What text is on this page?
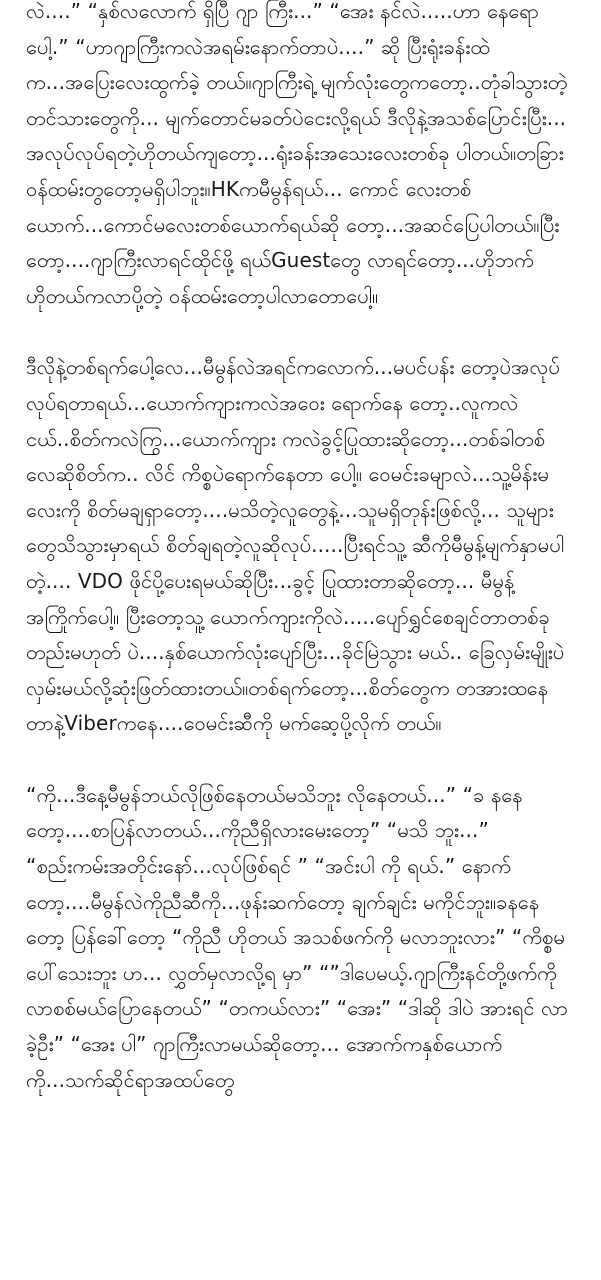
လဲ....” “နှစ်လလောက် ရှိပြီ ဂျာ ကြီး...” “အေး နင်လဲ.....ဟာ နေရောပေါ့.” “ဟာဂျာကြီးကလဲအရမ်းနောက်တာပဲ....” ဆို ပြီးရုံးခန်းထဲက...အပြေးလေးထွက်ခဲ့ တယ်။ဂျာကြီးရဲ့ မျက်လုံးတွေကတော့..တုံခါသွားတဲ့တင်သားတွေကို... မျက်တောင်မခတ်ပဲငေးလို့ရယ် ဒီလိုနဲ့အသစ်ပြောင်းပြီး... အလုပ်လုပ်ရတဲ့ဟိုတယ်ကျတော့...ရုံးခန်းအသေးလေးတစ်ခု ပါတယ်။တခြားဝန်ထမ်းတွတော့မရှိပါဘူး။HKကမီမွန်ရယ်... ကောင် လေးတစ်ယောက်...ကောင်မလေးတစ်ယောက်ရယ်ဆို တော့...အဆင်ပြေပါတယ်။ပြီးတော့....ဂျာကြီးလာရင်ထိုင်ဖို့ ရယ်Guestတွေ လာရင်တော့...ဟိုဘက်ဟိုတယ်ကလာပို့တဲ့ ဝန်ထမ်းတော့ပါလာတောပေါ့။

ဒီလိုနဲ့တစ်ရက်ပေါ့လေ...မီမွန်လဲအရင်ကလောက်...မပင်ပန်း တော့ပဲအလုပ်လုပ်ရတာရယ်...ယောက်ကျားကလဲအဝေး ရောက်နေ တော့..လူကလဲငယ်..စိတ်ကလဲကြွ...ယောက်ကျား ကလဲခွင့်ပြုထားဆိုတော့...တစ်ခါတစ်လေဆိုစိတ်က.. လိင် ကိစ္စပဲရောက်နေတာ ပေါ့။ ဝေမင်းခမျာလဲ...သူ့မိန်းမလေးကို စိတ်မချရှာတော့....မသိတဲ့လူတွေနဲ့...သူမရှိတုန်းဖြစ်လို့... သူများတွေသိသွားမှာရယ် စိတ်ချရတဲ့လူဆိုလုပ်.....ပြီးရင်သူ့ ဆီကိုမီမွန့်မျက်နှာမပါတဲ့.... VDO ဖိုင်ပို့ပေးရမယ်ဆိုပြီး...ခွင့် ပြုထားတာဆိုတော့... မီမွန့် အကြိုက်ပေါ့။ ပြီးတော့သူ့ ယောက်ကျားကိုလဲ.....ပျော်ရွှင်စေချင်တာတစ်ခုတည်းမဟုတ် ပဲ....နှစ်ယောက်လုံးပျော်ပြီး...ခိုင်မြဲသွား မယ်.. ခြေလှမ်းမျိုးပဲ လှမ်းမယ်လို့ဆုံးဖြတ်ထားတယ်။တစ်ရက်တော့...စိတ်တွေက တအားထနေတာနဲ့Viberကနေ....ဝေမင်းဆီကို မက်ဆေ့ပို့လိုက် တယ်။

“ကို...ဒီနေ့မီမွန်ဘယ်လိုဖြစ်နေတယ်မသိဘူး လိုနေတယ်...” “ခ နနေတော့....စာပြန်လာတယ်...ကိုညီရှိလားမေးတော့” “မသိ ဘူး...” “စည်းကမ်းအတိုင်းနော်...လုပ်ဖြစ်ရင် ” “အင်းပါ ကို ရယ်.” နောက်တော့....မီမွန်လဲကိုညီဆီကို...ဖုန်းဆက်တော့ ချက်ချင်း မကိုင်ဘူး။ခနနေတော့ ပြန်ခေါ်တော့ “ကိုညီ ဟိုတယ် အသစ်ဖက်ကို မလာဘူးလား” “ကိစ္စမပေါ်သေးဘူး ဟ... လွှတ်မှလာလို့ရ မှာ” “”ဒါပေမယ့်.ဂျာကြီးနင်တို့ဖက်ကို လာစစ်မယ်ပြောနေတယ်” “တကယ်လား” “အေး” “ဒါဆို ဒါပဲ အားရင် လာခဲ့ဦး” “အေး ပါ” ဂျာကြီးလာမယ်ဆိုတော့... အောက်ကနှစ်ယောက်ကို...သက်ဆိုင်ရာအထပ်တွေ
